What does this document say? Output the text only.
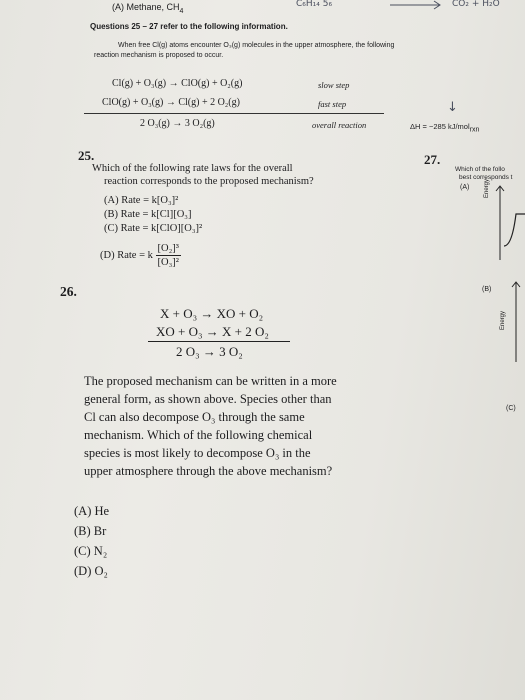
(A) Methane, $CH_4$
C₆H₁₄ 5₆	CO₂ + H₂O
Questions 25 – 27 refer to the following information.
When free Cl(g) atoms encounter O₃(g) molecules in the upper atmosphere, the following
reaction mechanism is proposed to occur.
Cl(g) + O₃(g) → ClO(g) + O₂(g)	slow step
ClO(g) + O₃(g) → Cl(g) + 2 O₂(g)	fast step
2 O₃(g) → 3 O₂(g)	overall reaction	ΔH = −285 kJ/mol$_{rxn}$
↓
25.
Which of the following rate laws for the overall
reaction corresponds to the proposed mechanism?
(A) Rate = k[O₃]²
(B) Rate = k[Cl][O₃]
(C) Rate = k[ClO][O₃]²
(D) Rate = k $\frac{\text{[O₂]³}}{\text{[O₃]²}}$
27.
Which of the follo
best corresponds t
(A) Energy
(B)
Energy
(C)
26.
X + O₃ → XO + O₂
XO + O₃ → X + 2 O₂
2 O₃ → 3 O₂
The proposed mechanism can be written in a more
general form, as shown above. Species other than
Cl can also decompose O₃ through the same
mechanism. Which of the following chemical
species is most likely to decompose O₃ in the
upper atmosphere through the above mechanism?
(A) He
(B) Br
(C) N₂
(D) O₂
